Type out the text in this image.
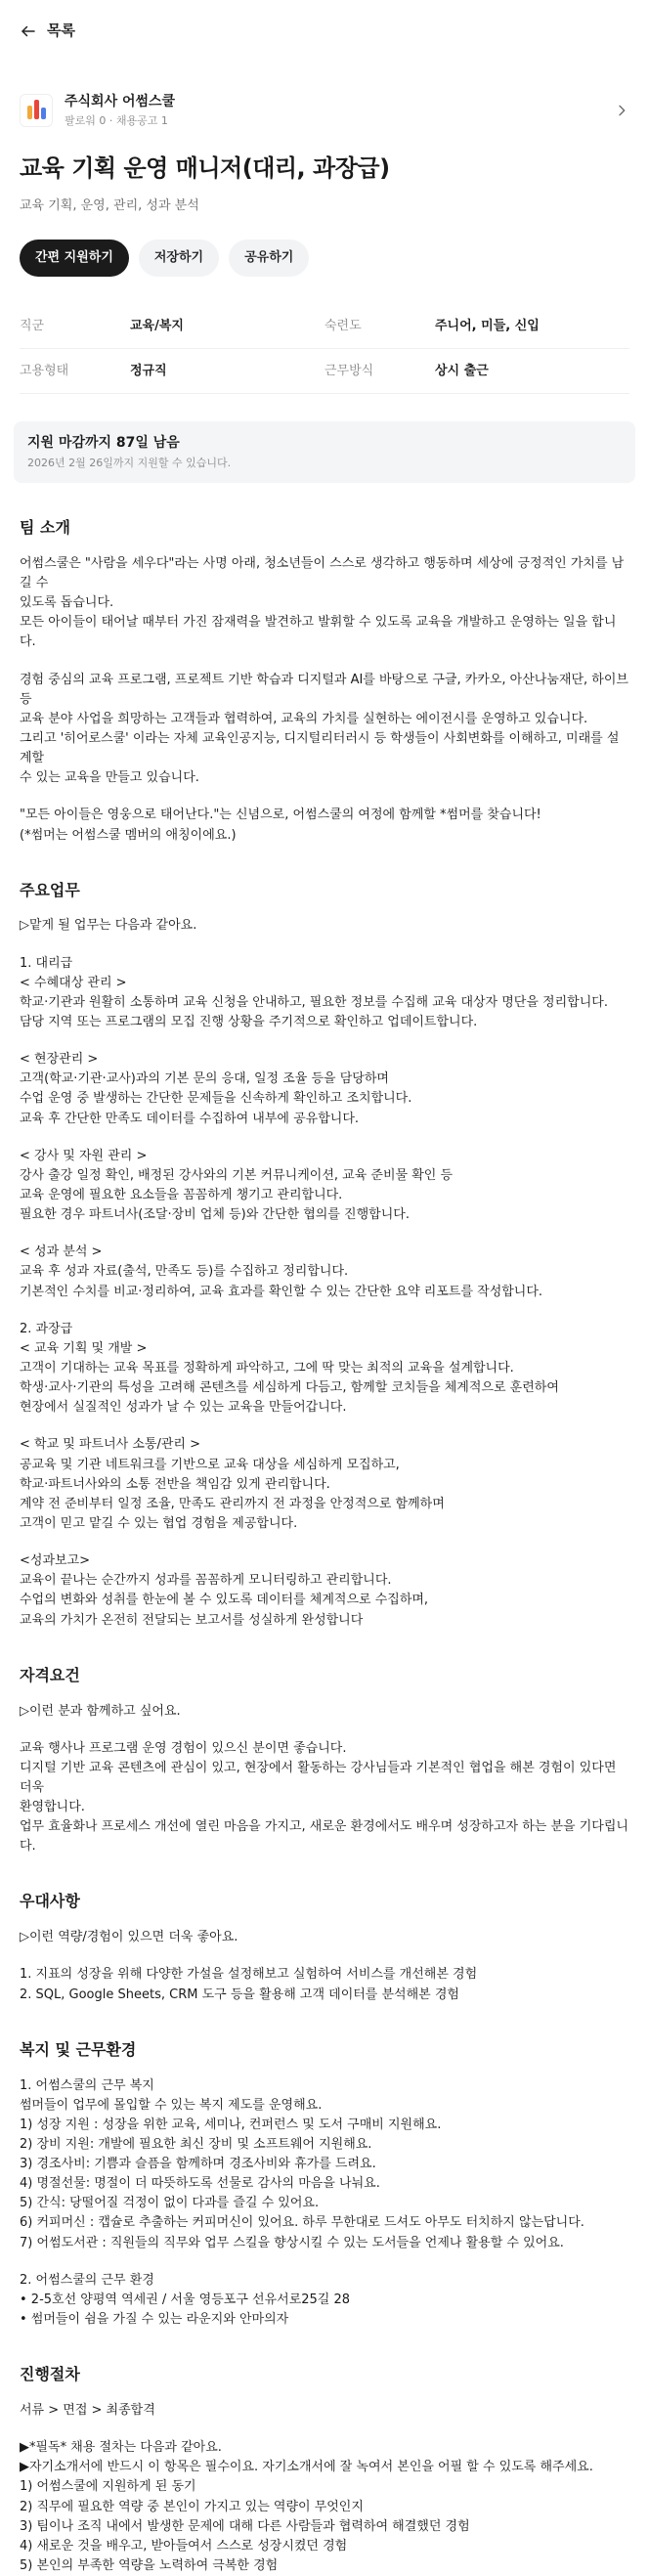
목록
주식회사 어썸스쿨
팔로워 0 · 채용공고 1
교육 기획 운영 매니저(대리, 과장급)
교육 기획, 운영, 관리, 성과 분석
간편 지원하기	저장하기	공유하기
직군	교육/복지	숙련도	주니어, 미들, 신입
고용형태	정규직	근무방식	상시 출근
지원 마감까지 87일 남음
2026년 2월 26일까지 지원할 수 있습니다.
팀 소개
어썸스쿨은 "사람을 세우다"라는 사명 아래, 청소년들이 스스로 생각하고 행동하며 세상에 긍정적인 가치를 남길 수
있도록 돕습니다.
모든 아이들이 태어날 때부터 가진 잠재력을 발견하고 발휘할 수 있도록 교육을 개발하고 운영하는 일을 합니다.
경험 중심의 교육 프로그램, 프로젝트 기반 학습과 디지털과 AI를 바탕으로 구글, 카카오, 아산나눔재단, 하이브 등
교육 분야 사업을 희망하는 고객들과 협력하여, 교육의 가치를 실현하는 에이전시를 운영하고 있습니다.
그리고 '히어로스쿨' 이라는 자체 교육인공지능, 디지털리터러시 등 학생들이 사회변화를 이해하고, 미래를 설계할
수 있는 교육을 만들고 있습니다.
"모든 아이들은 영웅으로 태어난다."는 신념으로, 어썸스쿨의 여정에 함께할 *썸머를 찾습니다!
(*썸머는 어썸스쿨 멤버의 애칭이에요.)
주요업무
▷맡게 될 업무는 다음과 같아요.
1. 대리급
< 수혜대상 관리 >
학교·기관과 원활히 소통하며 교육 신청을 안내하고, 필요한 정보를 수집해 교육 대상자 명단을 정리합니다.
담당 지역 또는 프로그램의 모집 진행 상황을 주기적으로 확인하고 업데이트합니다.
< 현장관리 >
고객(학교·기관·교사)과의 기본 문의 응대, 일정 조율 등을 담당하며
수업 운영 중 발생하는 간단한 문제들을 신속하게 확인하고 조치합니다.
교육 후 간단한 만족도 데이터를 수집하여 내부에 공유합니다.
< 강사 및 자원 관리 >
강사 출강 일정 확인, 배정된 강사와의 기본 커뮤니케이션, 교육 준비물 확인 등
교육 운영에 필요한 요소들을 꼼꼼하게 챙기고 관리합니다.
필요한 경우 파트너사(조달·장비 업체 등)와 간단한 협의를 진행합니다.
< 성과 분석 >
교육 후 성과 자료(출석, 만족도 등)를 수집하고 정리합니다.
기본적인 수치를 비교·정리하여, 교육 효과를 확인할 수 있는 간단한 요약 리포트를 작성합니다.
2. 과장급
< 교육 기획 및 개발 >
고객이 기대하는 교육 목표를 정확하게 파악하고, 그에 딱 맞는 최적의 교육을 설계합니다.
학생·교사·기관의 특성을 고려해 콘텐츠를 세심하게 다듬고, 함께할 코치들을 체계적으로 훈련하여
현장에서 실질적인 성과가 날 수 있는 교육을 만들어갑니다.
< 학교 및 파트너사 소통/관리 >
공교육 및 기관 네트워크를 기반으로 교육 대상을 세심하게 모집하고,
학교·파트너사와의 소통 전반을 책임감 있게 관리합니다.
계약 전 준비부터 일정 조율, 만족도 관리까지 전 과정을 안정적으로 함께하며
고객이 믿고 맡길 수 있는 협업 경험을 제공합니다.
<성과보고>
교육이 끝나는 순간까지 성과를 꼼꼼하게 모니터링하고 관리합니다.
수업의 변화와 성취를 한눈에 볼 수 있도록 데이터를 체계적으로 수집하며,
교육의 가치가 온전히 전달되는 보고서를 성실하게 완성합니다
자격요건
▷이런 분과 함께하고 싶어요.
교육 행사나 프로그램 운영 경험이 있으신 분이면 좋습니다.
디지털 기반 교육 콘텐츠에 관심이 있고, 현장에서 활동하는 강사님들과 기본적인 협업을 해본 경험이 있다면 더욱
환영합니다.
업무 효율화나 프로세스 개선에 열린 마음을 가지고, 새로운 환경에서도 배우며 성장하고자 하는 분을 기다립니다.
우대사항
▷이런 역량/경험이 있으면 더욱 좋아요.
1. 지표의 성장을 위해 다양한 가설을 설정해보고 실험하여 서비스를 개선해본 경험
2. SQL, Google Sheets, CRM 도구 등을 활용해 고객 데이터를 분석해본 경험
복지 및 근무환경
1. 어썸스쿨의 근무 복지
썸머들이 업무에 몰입할 수 있는 복지 제도를 운영해요.
1) 성장 지원 : 성장을 위한 교육, 세미나, 컨퍼런스 및 도서 구매비 지원해요.
2) 장비 지원: 개발에 필요한 최신 장비 및 소프트웨어 지원해요.
3) 경조사비: 기쁨과 슬픔을 함께하며 경조사비와 휴가를 드려요.
4) 명절선물: 명절이 더 따뜻하도록 선물로 감사의 마음을 나눠요.
5) 간식: 당떨어질 걱정이 없이 다과를 즐길 수 있어요.
6) 커피머신 : 캡슐로 추출하는 커피머신이 있어요. 하루 무한대로 드셔도 아무도 터치하지 않는답니다.
7) 어썸도서관 : 직원들의 직무와 업무 스킬을 향상시킬 수 있는 도서들을 언제나 활용할 수 있어요.
2. 어썸스쿨의 근무 환경
• 2-5호선 양평역 역세권 / 서울 영등포구 선유서로25길 28
• 썸머들이 쉼을 가질 수 있는 라운지와 안마의자
진행절차
서류 > 면접 > 최종합격
▶*필독* 채용 절차는 다음과 같아요.
▶자기소개서에 반드시 이 항목은 필수이요. 자기소개서에 잘 녹여서 본인을 어필 할 수 있도록 해주세요.
1) 어썸스쿨에 지원하게 된 동기
2) 직무에 필요한 역량 중 본인이 가지고 있는 역량이 무엇인지
3) 팀이나 조직 내에서 발생한 문제에 대해 다른 사람들과 협력하여 해결했던 경험
4) 새로운 것을 배우고, 받아들여서 스스로 성장시켰던 경험
5) 본인의 부족한 역량을 노력하여 극복한 경험
